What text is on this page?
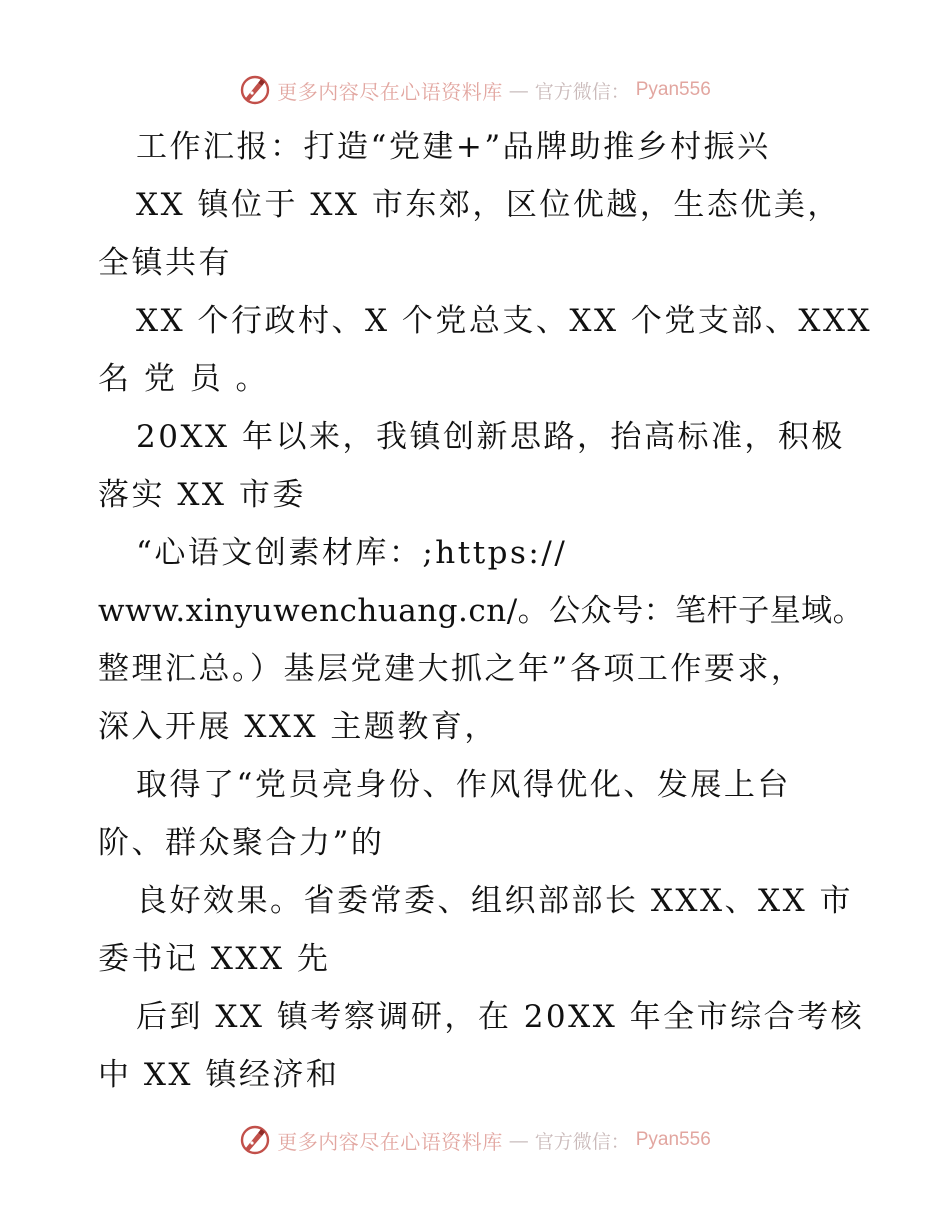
更多内容尽在心语资料库 — 官方微信： Pyan556
工作汇报：打造“党建+”品牌助推乡村振兴
XX 镇位于 XX 市东郊，区位优越，生态优美，
全镇共有
XX 个行政村、X 个党总支、XX 个党支部、XXX
名 党 员 。
20XX 年以来，我镇创新思路，抬高标准，积极
落实 XX 市委
“心语文创素材库：;https://
www.xinyuwenchuang.cn/。公众号：笔杆子星域。
整理汇总。）基层党建大抓之年”各项工作要求，
深入开展 XXX 主题教育，
取得了“党员亮身份、作风得优化、发展上台
阶、群众聚合力”的
良好效果。省委常委、组织部部长 XXX、XX 市
委书记 XXX 先
后到 XX 镇考察调研，在 20XX 年全市综合考核
中 XX 镇经济和
更多内容尽在心语资料库 — 官方微信： Pyan556
